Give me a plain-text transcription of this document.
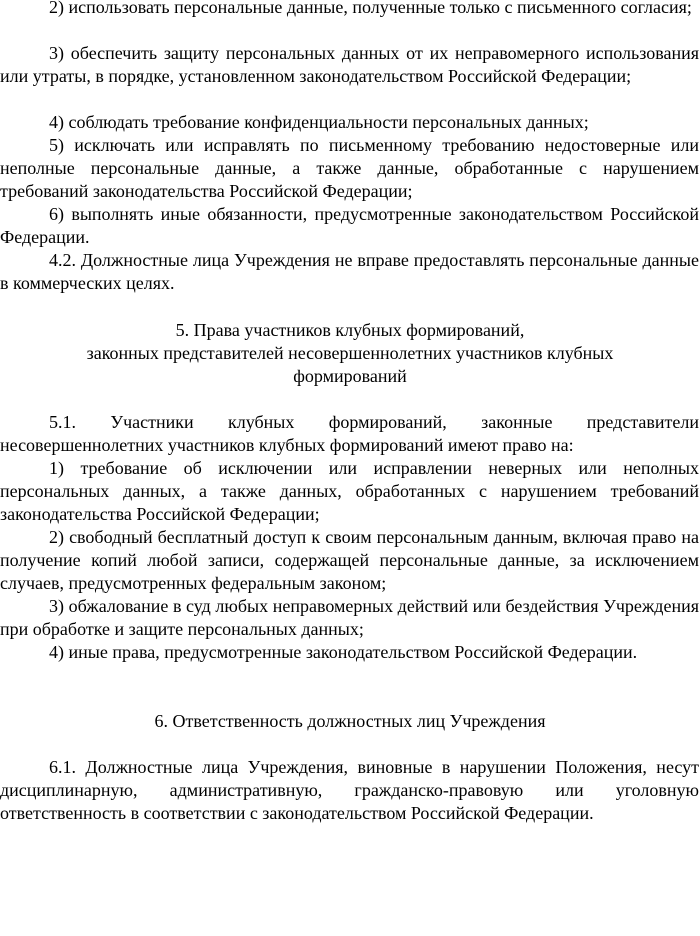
2) использовать персональные данные, полученные только с письменного согласия;

3) обеспечить защиту персональных данных от их неправомерного использования или утраты, в порядке, установленном законодательством Российской Федерации;

4) соблюдать требование конфиденциальности персональных данных;

5) исключать или исправлять по письменному требованию недостоверные или неполные персональные данные, а также данные, обработанные с нарушением требований законодательства Российской Федерации;

6) выполнять иные обязанности, предусмотренные законодательством Российской Федерации.

4.2. Должностные лица Учреждения не вправе предоставлять персональные данные в коммерческих целях.

5. Права участников клубных формирований,
законных представителей несовершеннолетних участников клубных
формирований

5.1. Участники клубных формирований, законные представители несовершеннолетних участников клубных формирований имеют право на:

1) требование об исключении или исправлении неверных или неполных персональных данных, а также данных, обработанных с нарушением требований законодательства Российской Федерации;

2) свободный бесплатный доступ к своим персональным данным, включая право на получение копий любой записи, содержащей персональные данные, за исключением случаев, предусмотренных федеральным законом;

3) обжалование в суд любых неправомерных действий или бездействия Учреждения при обработке и защите персональных данных;

4) иные права, предусмотренные законодательством Российской Федерации.

6. Ответственность должностных лиц Учреждения

6.1. Должностные лица Учреждения, виновные в нарушении Положения, несут дисциплинарную, административную, гражданско-правовую или уголовную ответственность в соответствии с законодательством Российской Федерации.
